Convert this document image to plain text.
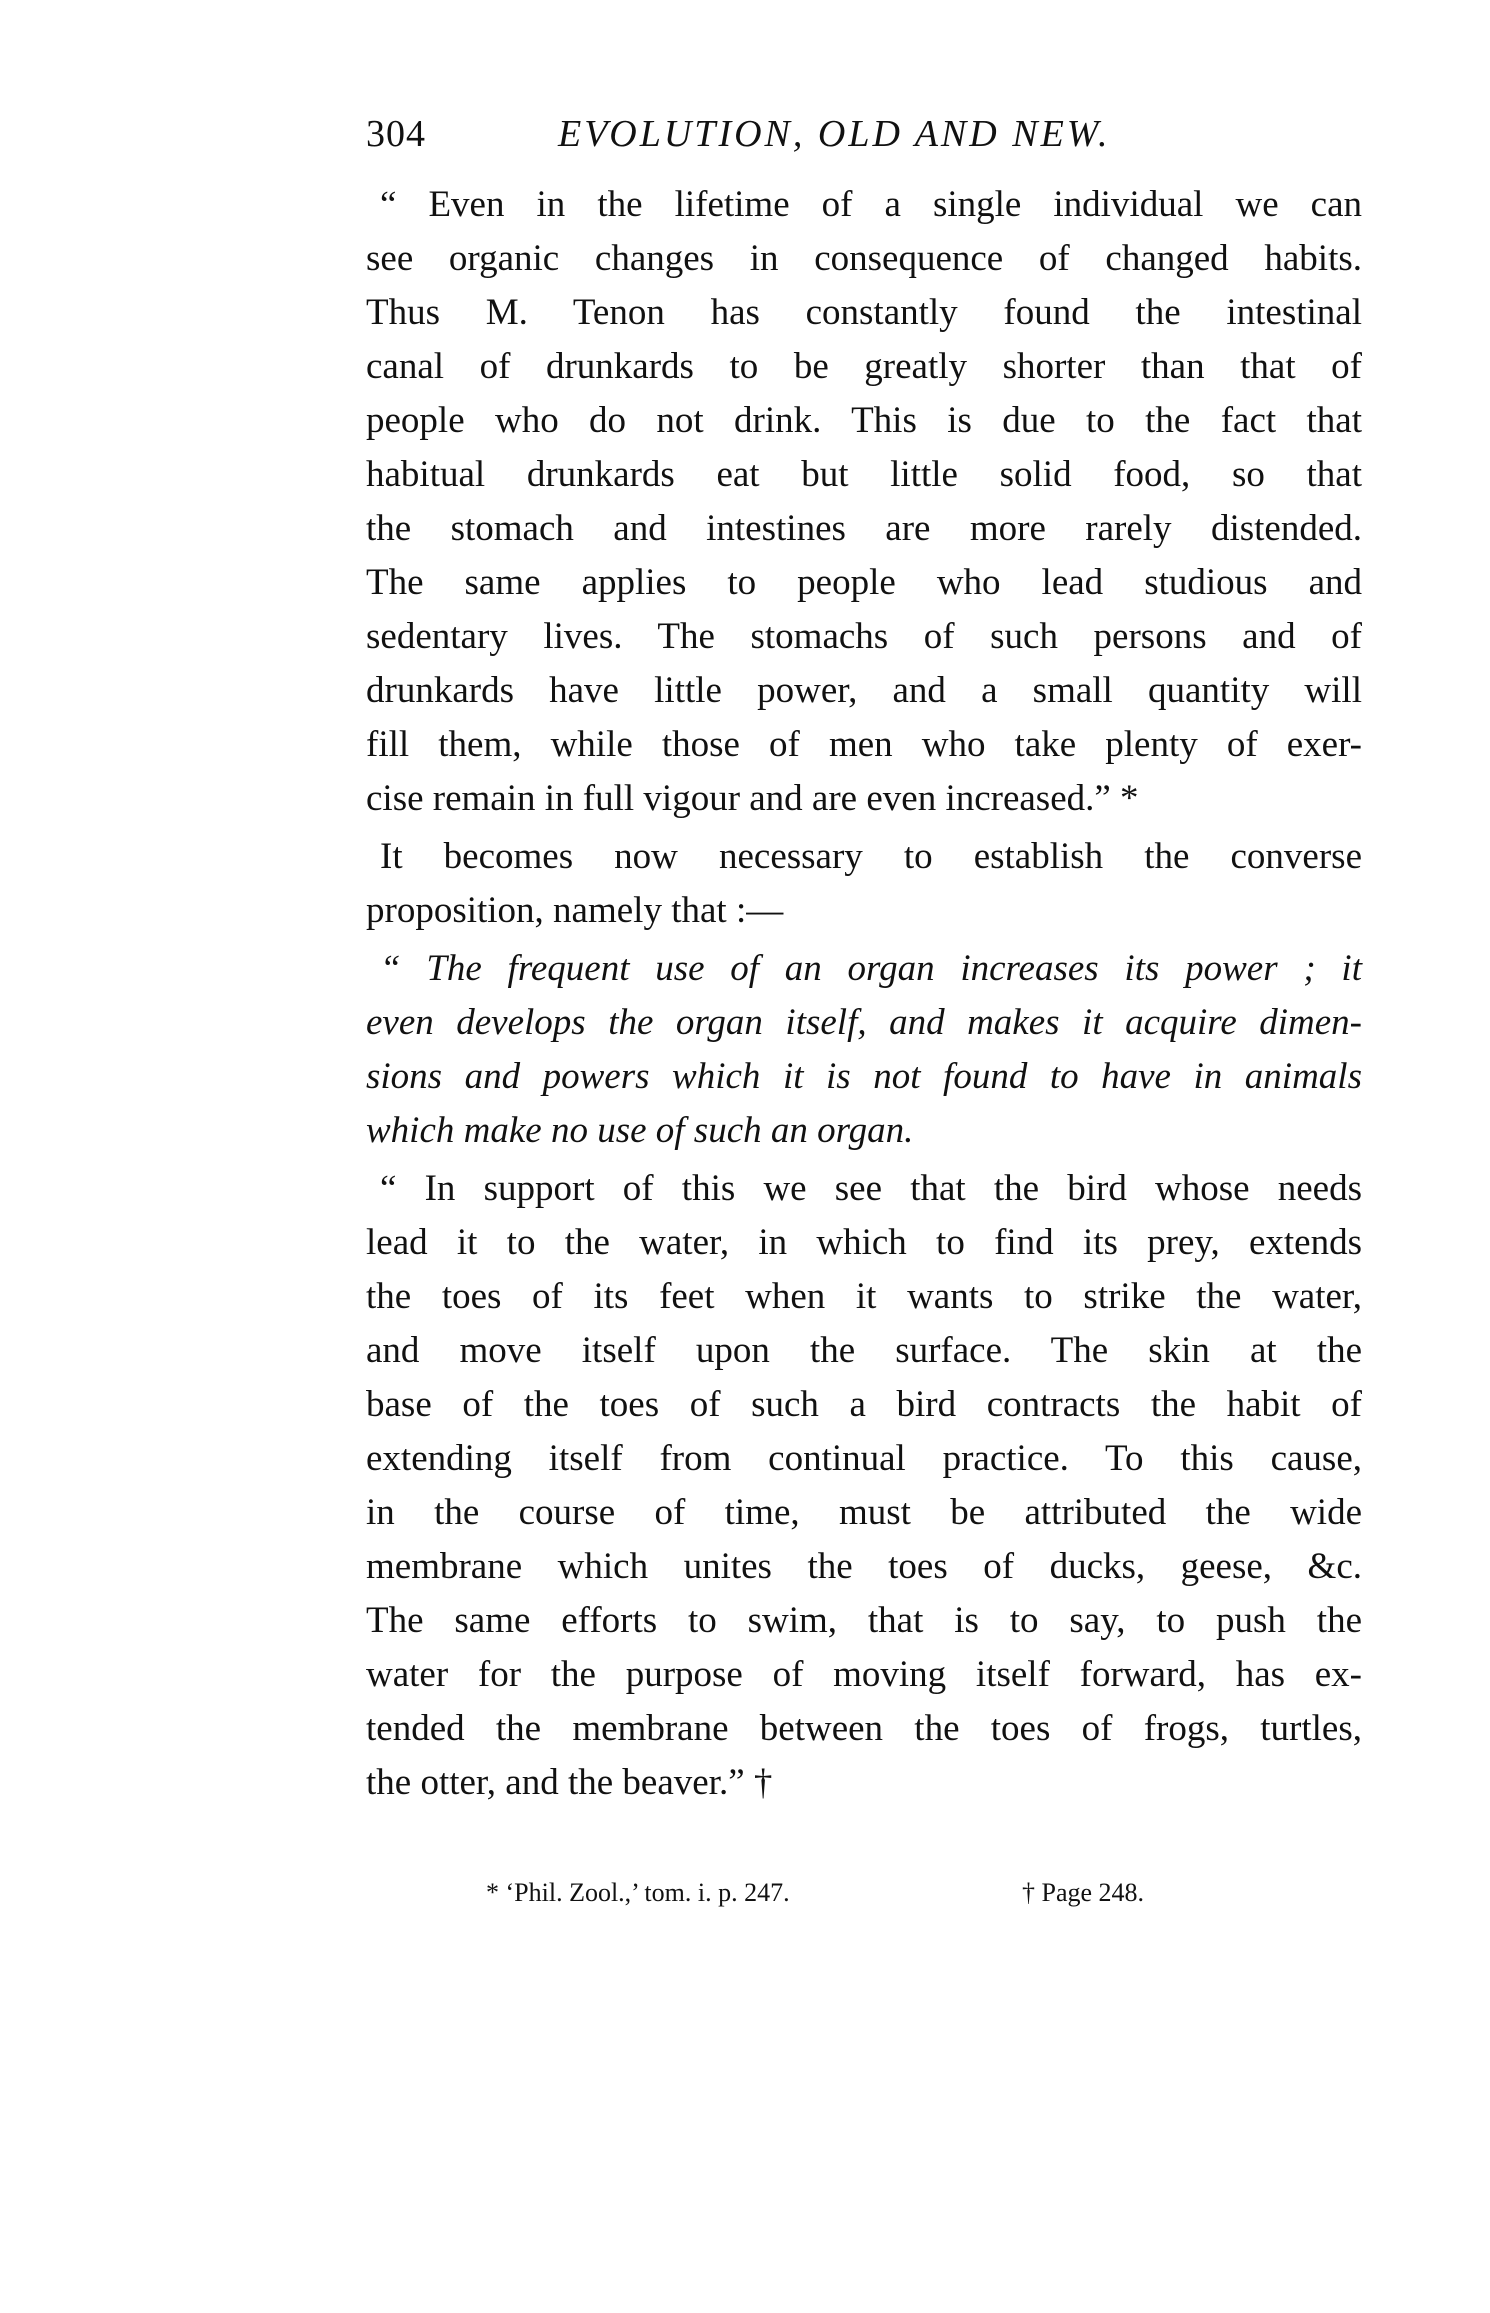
304	EVOLUTION, OLD AND NEW.
“ Even in the lifetime of a single individual we can
see organic changes in consequence of changed habits.
Thus M. Tenon has constantly found the intestinal
canal of drunkards to be greatly shorter than that of
people who do not drink. This is due to the fact that
habitual drunkards eat but little solid food, so that
the stomach and intestines are more rarely distended.
The same applies to people who lead studious and
sedentary lives. The stomachs of such persons and of
drunkards have little power, and a small quantity will
fill them, while those of men who take plenty of exer-
cise remain in full vigour and are even increased.” *
It becomes now necessary to establish the converse
proposition, namely that :—
“ The frequent use of an organ increases its power ; it
even develops the organ itself, and makes it acquire dimen-
sions and powers which it is not found to have in animals
which make no use of such an organ.
“ In support of this we see that the bird whose needs
lead it to the water, in which to find its prey, extends
the toes of its feet when it wants to strike the water,
and move itself upon the surface. The skin at the
base of the toes of such a bird contracts the habit of
extending itself from continual practice. To this cause,
in the course of time, must be attributed the wide
membrane which unites the toes of ducks, geese, &c.
The same efforts to swim, that is to say, to push the
water for the purpose of moving itself forward, has ex-
tended the membrane between the toes of frogs, turtles,
the otter, and the beaver.” †
* ‘Phil. Zool.,’ tom. i. p. 247.	† Page 248.
